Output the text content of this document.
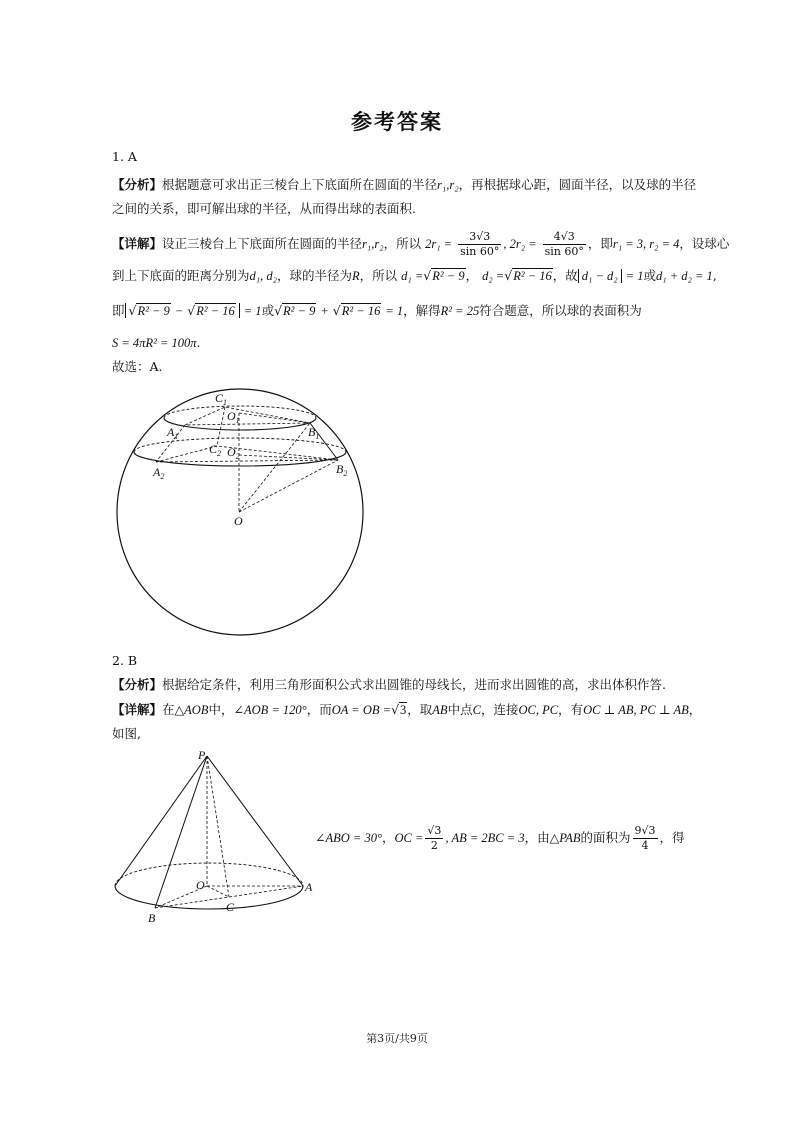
参考答案
1. A
【分析】根据题意可求出正三棱台上下底面所在圆面的半径r₁,r₂，再根据球心距，圆面半径，以及球的半径
之间的关系，即可解出球的半径，从而得出球的表面积.
【详解】设正三棱台上下底面所在圆面的半径r₁,r₂，所以 $2r_1 = \frac{3√3}{\sin 60^\circ}$ , $2r_2 = \frac{4√3}{\sin 60^\circ}$ ，即r₁ = 3, r₂ = 4，设球心
到上下底面的距离分别为d₁, d₂，球的半径为R，所以 d₁ =√R² − 9， d₂ =√R² − 16，故 d₁ − d₂ = 1或d₁ + d₂ = 1,
即 √R² − 9 − √R² − 16 = 1或√R² − 9 + √R² − 16 = 1，解得R² = 25符合题意，所以球的表面积为
S = 4πR² = 100π.
故选：A.
$C_1$
$O_1$
$A_1$	$B_1$
$C_2$ $O_2$
$A_2$
$B_2$
O
2. B
【分析】根据给定条件，利用三角形面积公式求出圆锥的母线长，进而求出圆锥的高，求出体积作答.
【详解】在△AOB中，∠AOB = 120°，而OA = OB =√3，取AB中点C，连接OC, PC，有OC ⊥ AB, PC ⊥ AB，
如图,
P
O	A
B
C
∠ABO = 30°，OC = $\frac{√3}{2}$ , AB = 2BC = 3，由△PAB的面积为 $\frac{9√3}{4}$ ，得
第3页/共9页
